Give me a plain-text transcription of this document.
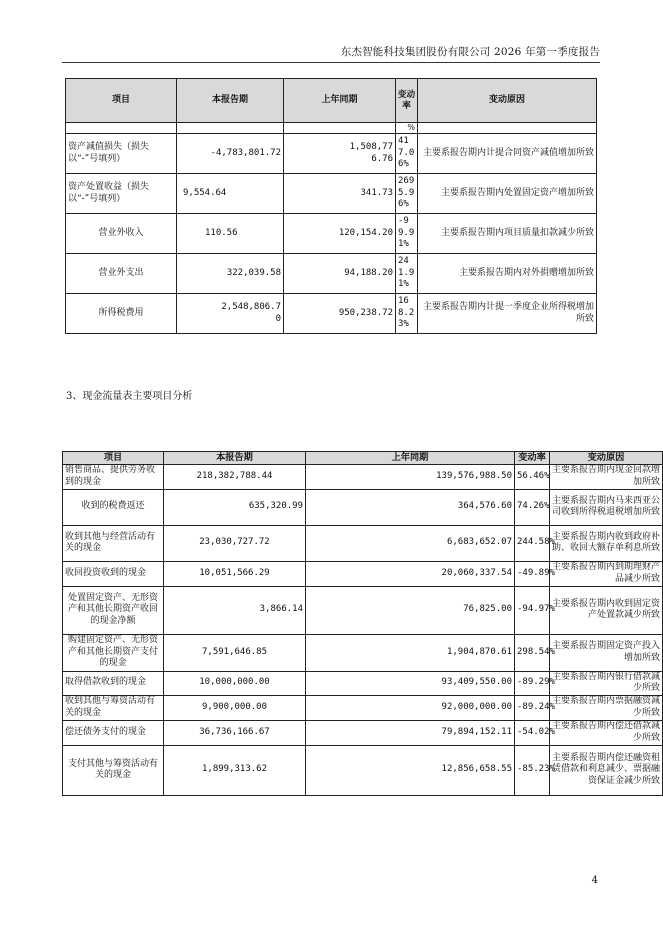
东杰智能科技集团股份有限公司 2026 年第一季度报告
项目	本报告期	上年同期	变动率	变动原因
			%	
资产减值损失（损失以“-”号填列）	-4,783,801.72	1,508,776.76	417.06%	主要系报告期内计提合同资产减值增加所致
资产处置收益（损失以“-”号填列）	9,554.64	341.73	2695.96%	主要系报告期内处置固定资产增加所致
营业外收入	110.56	120,154.20	-99.91%	主要系报告期内项目质量扣款减少所致
营业外支出	322,039.58	94,188.20	241.91%	主要系报告期内对外捐赠增加所致
所得税费用	2,548,806.70	950,238.72	168.23%	主要系报告期内计提一季度企业所得税增加所致
3、现金流量表主要项目分析
项目	本报告期	上年同期	变动率	变动原因
销售商品、提供劳务收到的现金	218,382,788.44	139,576,988.50	56.46%	主要系报告期内现金回款增加所致
收到的税费返还	635,320.99	364,576.60	74.26%	主要系报告期内马来西亚公司收到所得税退税增加所致
收到其他与经营活动有关的现金	23,030,727.72	6,683,652.07	244.58%	主要系报告期内收到政府补助、收回大额存单利息所致
收回投资收到的现金	10,051,566.29	20,060,337.54	-49.89%	主要系报告期内到期理财产品减少所致
处置固定资产、无形资产和其他长期资产收回的现金净额	3,866.14	76,825.00	-94.97%	主要系报告期内收到固定资产处置款减少所致
购建固定资产、无形资产和其他长期资产支付的现金	7,591,646.85	1,904,870.61	298.54%	主要系报告期固定资产投入增加所致
取得借款收到的现金	10,000,000.00	93,409,550.00	-89.29%	主要系报告期内银行借款减少所致
收到其他与筹资活动有关的现金	9,900,000.00	92,000,000.00	-89.24%	主要系报告期内票据融资减少所致
偿还债务支付的现金	36,736,166.67	79,894,152.11	-54.02%	主要系报告期内偿还借款减少所致
支付其他与筹资活动有关的现金	1,899,313.62	12,856,658.55	-85.23%	主要系报告期内偿还融资租赁借款和利息减少、票据融资保证金减少所致
4
